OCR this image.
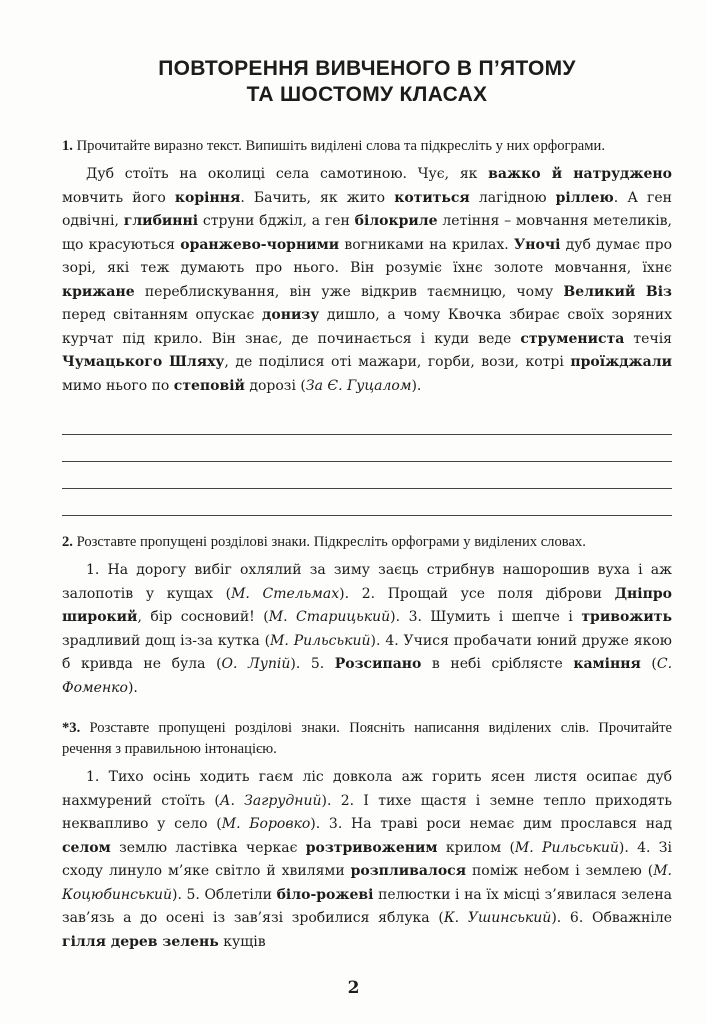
ПОВТОРЕННЯ ВИВЧЕНОГО В П’ЯТОМУ
ТА ШОСТОМУ КЛАСАХ

1. Прочитайте виразно текст. Випишіть виділені слова та підкресліть у них орфограми.

Дуб стоїть на околиці села самотиною. Чує, як важко й натруджено мовчить його коріння. Бачить, як жито котиться лагідною ріллею. А ген одвічні, глибинні струни бджіл, а ген білокриле летіння – мовчання метеликів, що красуються оранжево-чорними вогниками на крилах. Уночі дуб думає про зорі, які теж думають про нього. Він розуміє їхнє золоте мовчання, їхнє крижане переблискування, він уже відкрив таємницю, чому Великий Віз перед світанням опускає донизу дишло, а чому Квочка збирає своїх зоряних курчат під крило. Він знає, де починається і куди веде струмениста течія Чумацького Шляху, де поділися оті мажари, горби, вози, котрі проїжджали мимо нього по степовій дорозі (За Є. Гуцалом).

2. Розставте пропущені розділові знаки. Підкресліть орфограми у виділених словах.

1. На дорогу вибіг охлялий за зиму заєць стрибнув нашорошив вуха і аж залопотів у кущах (М. Стельмах). 2. Прощай усе поля діброви Дніпро широкий, бір сосновий! (М. Старицький). 3. Шумить і шепче і тривожить зрадливий дощ із-за кутка (М. Рильський). 4. Учися пробачати юний друже якою б кривда не була (О. Лупій). 5. Розсипано в небі сріблясте каміння (С. Фоменко).

*3. Розставте пропущені розділові знаки. Поясніть написання виділених слів. Прочитайте речення з правильною інтонацією.

1. Тихо осінь ходить гаєм ліс довкола аж горить ясен листя осипає дуб нахмурений стоїть (А. Загрудний). 2. І тихе щастя і земне тепло приходять неквапливо у село (М. Боровко). 3. На траві роси немає дим прослався над селом землю ластівка черкає розтривоженим крилом (М. Рильський). 4. Зі сходу линуло м’яке світло й хвилями розпливалося поміж небом і землею (М. Коцюбинський). 5. Облетіли біло-рожеві пелюстки і на їх місці з’явилася зелена зав’язь а до осені із зав’язі зробилися яблука (К. Ушинський). 6. Обважніле гілля дерев зелень кущів

2
